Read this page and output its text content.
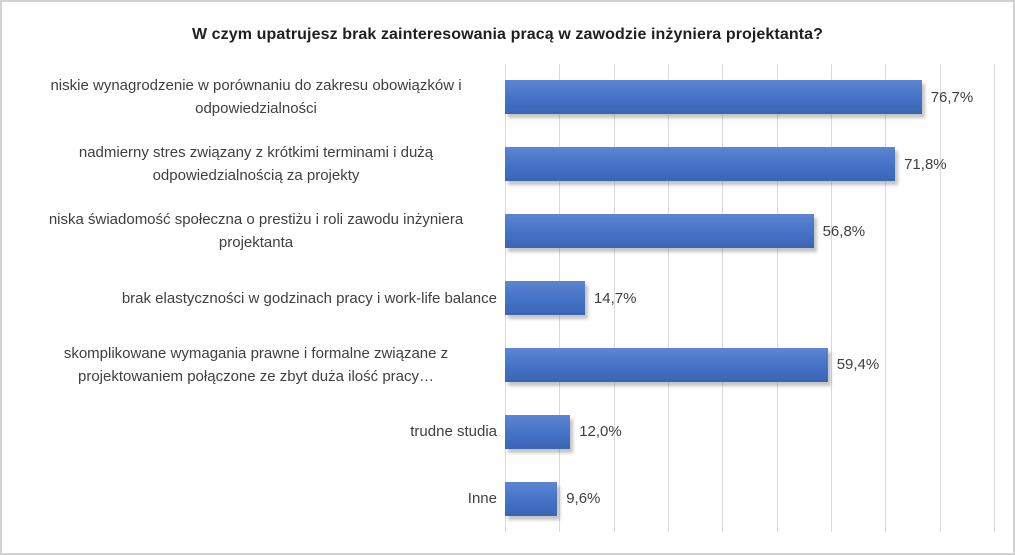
W czym upatrujesz brak zainteresowania pracą w zawodzie inżyniera projektanta?
niskie wynagrodzenie w porównaniu do zakresu obowiązków i odpowiedzialności
76,7%
nadmierny stres związany z krótkimi terminami i dużą odpowiedzialnością za projekty
71,8%
niska świadomość społeczna o prestiżu i roli zawodu inżyniera projektanta
56,8%
brak elastyczności w godzinach pracy i work-life balance	14,7%
skomplikowane wymagania prawne i formalne związane z projektowaniem połączone ze zbyt duża ilość pracy…
59,4%
trudne studia	12,0%
Inne	9,6%
